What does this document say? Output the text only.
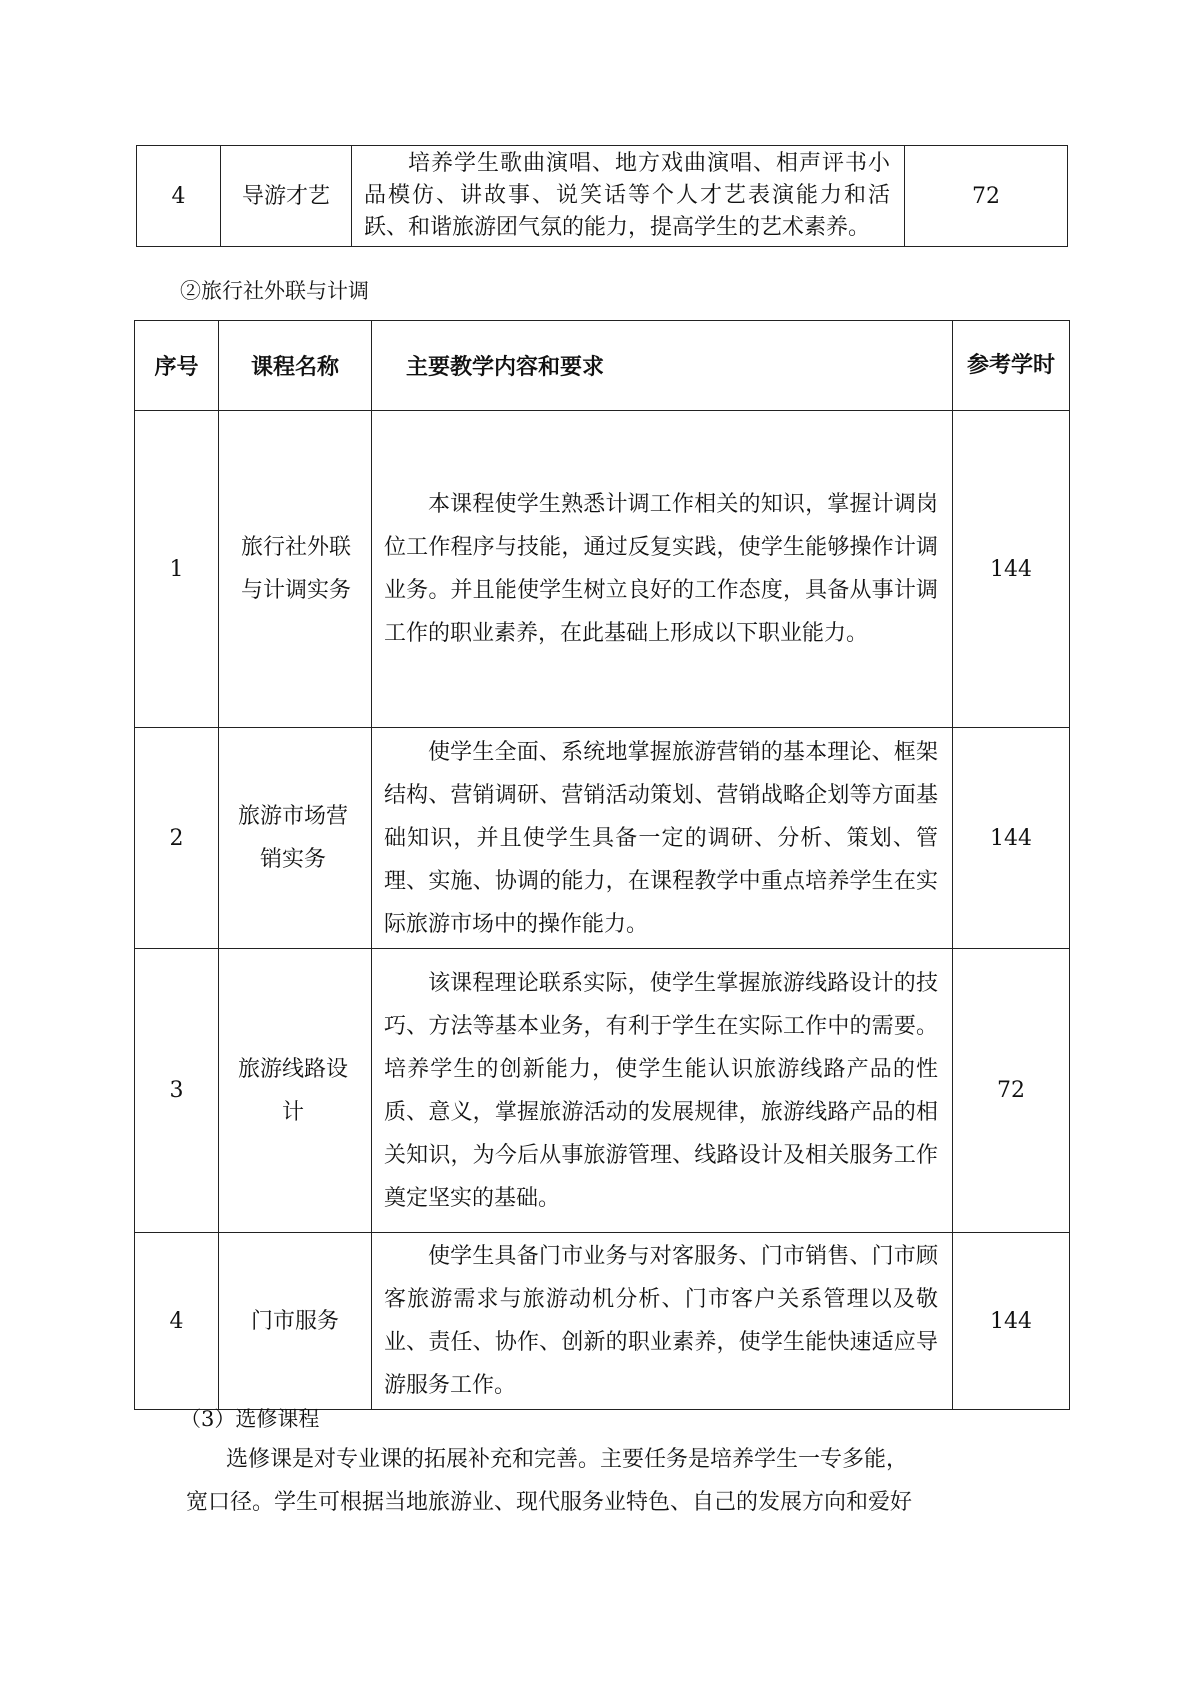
4	导游才艺	培养学生歌曲演唱、地方戏曲演唱、相声评书小品模仿、讲故事、说笑话等个人才艺表演能力和活跃、和谐旅游团气氛的能力，提高学生的艺术素养。	72

②旅行社外联与计调

序号	课程名称	主要教学内容和要求	参考学时
1	旅行社外联与计调实务	本课程使学生熟悉计调工作相关的知识，掌握计调岗位工作程序与技能，通过反复实践，使学生能够操作计调业务。并且能使学生树立良好的工作态度，具备从事计调工作的职业素养，在此基础上形成以下职业能力。	144
2	旅游市场营销实务	使学生全面、系统地掌握旅游营销的基本理论、框架结构、营销调研、营销活动策划、营销战略企划等方面基础知识，并且使学生具备一定的调研、分析、策划、管理、实施、协调的能力，在课程教学中重点培养学生在实际旅游市场中的操作能力。	144
3	旅游线路设计	该课程理论联系实际，使学生掌握旅游线路设计的技巧、方法等基本业务，有利于学生在实际工作中的需要。培养学生的创新能力，使学生能认识旅游线路产品的性质、意义，掌握旅游活动的发展规律，旅游线路产品的相关知识，为今后从事旅游管理、线路设计及相关服务工作奠定坚实的基础。	72
4	门市服务	使学生具备门市业务与对客服务、门市销售、门市顾客旅游需求与旅游动机分析、门市客户关系管理以及敬业、责任、协作、创新的职业素养，使学生能快速适应导游服务工作。	144

（3）选修课程

选修课是对专业课的拓展补充和完善。主要任务是培养学生一专多能，

宽口径。学生可根据当地旅游业、现代服务业特色、自己的发展方向和爱好
